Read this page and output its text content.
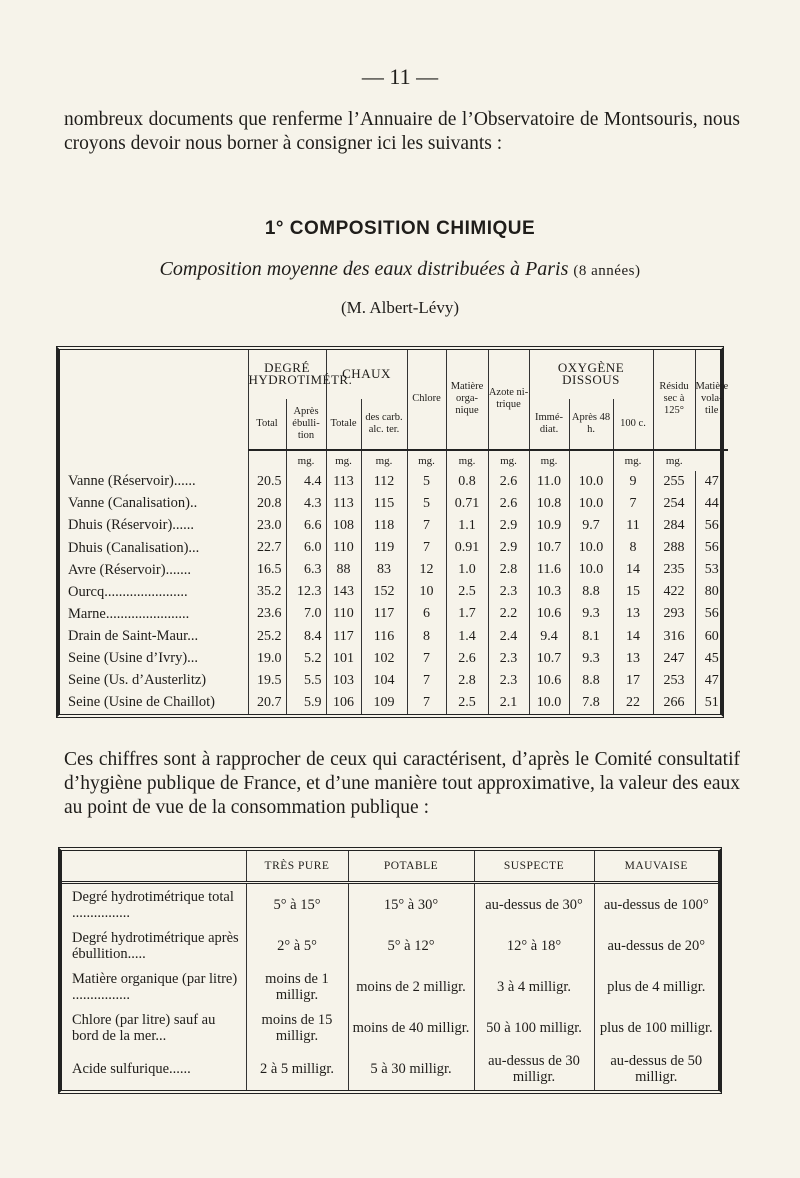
— 11 —

nombreux documents que renferme l’Annuaire de l’Observatoire de Montsouris, nous croyons devoir nous borner à consigner ici les suivants :

1° COMPOSITION CHIMIQUE
Composition moyenne des eaux distribuées à Paris (8 années)
(M. Albert-Lévy)
	DEGRÉ HYDROTIMÉTR.		CHAUX		Chlore	Matière orga-nique	Azote ni-trique	OXYGÈNE DISSOUS			Résidu sec à 125°	Matière vola-tile
	Total	Après ébulli-tion	Totale	des carb. alc. ter.				Immé-diat.	Après 48 h.	100 c.		
		mg.	mg.	mg.	mg.	mg.	mg.	mg.		mg.	mg.	
Vanne (Réservoir)......	20.5	4.4	113	112	5	0.8	2.6	11.0	10.0	9	255	47
Vanne (Canalisation)..	20.8	4.3	113	115	5	0.71	2.6	10.8	10.0	7	254	44
Dhuis (Réservoir)......	23.0	6.6	108	118	7	1.1	2.9	10.9	9.7	11	284	56
Dhuis (Canalisation)...	22.7	6.0	110	119	7	0.91	2.9	10.7	10.0	8	288	56
Avre (Réservoir).......	16.5	6.3	88	83	12	1.0	2.8	11.6	10.0	14	235	53
Ourcq.......................	35.2	12.3	143	152	10	2.5	2.3	10.3	8.8	15	422	80
Marne.......................	23.6	7.0	110	117	6	1.7	2.2	10.6	9.3	13	293	56
Drain de Saint-Maur...	25.2	8.4	117	116	8	1.4	2.4	9.4	8.1	14	316	60
Seine (Usine d’Ivry)...	19.0	5.2	101	102	7	2.6	2.3	10.7	9.3	13	247	45
Seine (Us. d’Austerlitz)	19.5	5.5	103	104	7	2.8	2.3	10.6	8.8	17	253	47
Seine (Usine de Chaillot)	20.7	5.9	106	109	7	2.5	2.1	10.0	7.8	22	266	51

Ces chiffres sont à rapprocher de ceux qui caractérisent, d’après le Comité consultatif d’hygiène publique de France, et d’une manière tout approximative, la valeur des eaux au point de vue de la consommation publique :

	TRÈS PURE	POTABLE	SUSPECTE	MAUVAISE
Degré hydrotimétrique total ................	5° à 15°	15° à 30°	au-dessus de 30°	au-dessus de 100°
Degré hydrotimétrique après ébullition.....	2° à 5°	5° à 12°	12° à 18°	au-dessus de 20°
Matière organique (par litre) ................	moins de 1 milligr.	moins de 2 milligr.	3 à 4 milligr.	plus de 4 milligr.
Chlore (par litre) sauf au bord de la mer...	moins de 15 milligr.	moins de 40 milligr.	50 à 100 milligr.	plus de 100 milligr.
Acide sulfurique......	2 à 5 milligr.	5 à 30 milligr.	au-dessus de 30 milligr.	au-dessus de 50 milligr.
